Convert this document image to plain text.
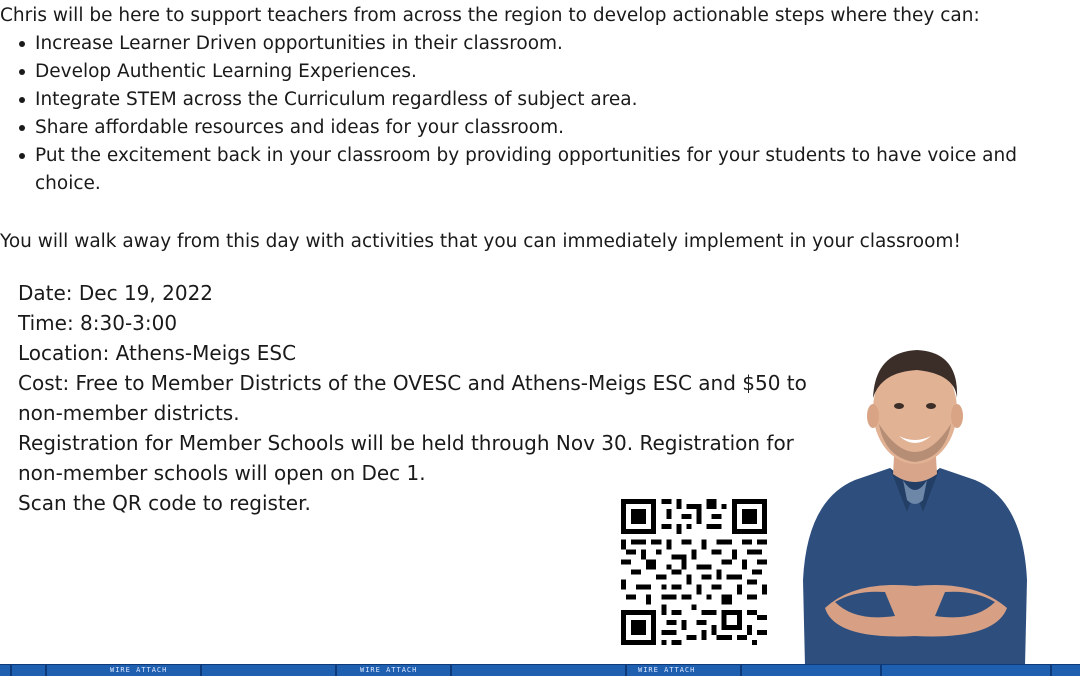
Chris will be here to support teachers from across the region to develop actionable steps where they can:
Increase Learner Driven opportunities in their classroom.
Develop Authentic Learning Experiences.
Integrate STEM across the Curriculum regardless of subject area.
Share affordable resources and ideas for your classroom.
Put the excitement back in your classroom by providing opportunities for your students to have voice and choice.
You will walk away from this day with activities that you can immediately implement in your classroom!
Date: Dec 19, 2022
Time: 8:30-3:00
Location: Athens-Meigs ESC
Cost: Free to Member Districts of the OVESC and Athens-Meigs ESC and $50 to non-member districts.
Registration for Member Schools will be held through Nov 30. Registration for non-member schools will open on Dec 1.
Scan the QR code to register.
WIRE ATTACH	WIRE ATTACH	WIRE ATTACH
